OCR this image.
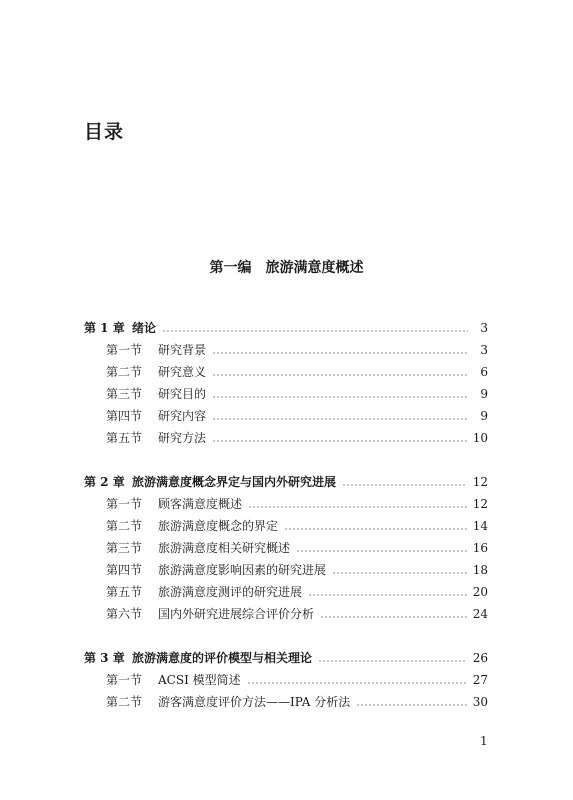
目录
第一编 旅游满意度概述
第 1 章 绪论	3
第一节	研究背景	3
第二节	研究意义	6
第三节	研究目的	9
第四节	研究内容	9
第五节	研究方法	10
第 2 章 旅游满意度概念界定与国内外研究进展	12
第一节	顾客满意度概述	12
第二节	旅游满意度概念的界定	14
第三节	旅游满意度相关研究概述	16
第四节	旅游满意度影响因素的研究进展	18
第五节	旅游满意度测评的研究进展	20
第六节	国内外研究进展综合评价分析	24
第 3 章 旅游满意度的评价模型与相关理论	26
第一节	ACSI 模型简述	27
第二节	游客满意度评价方法——IPA 分析法	30
1
